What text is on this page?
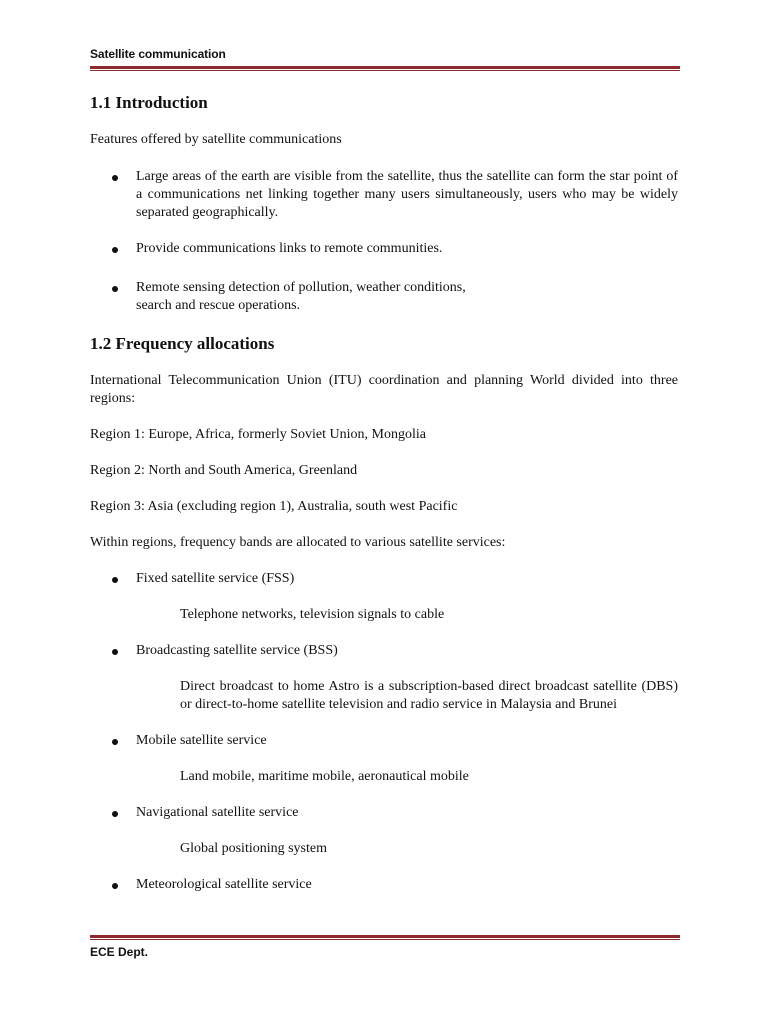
Satellite communication
1.1 Introduction

Features offered by satellite communications

Large areas of the earth are visible from the satellite, thus the satellite can form the star point of a communications net linking together many users simultaneously, users who may be widely separated geographically.
Provide communications links to remote communities.
Remote sensing detection of pollution, weather conditions,
search and rescue operations.
1.2 Frequency allocations

International Telecommunication Union (ITU) coordination and planning World divided into three regions:

Region 1: Europe, Africa, formerly Soviet Union, Mongolia

Region 2: North and South America, Greenland

Region 3: Asia (excluding region 1), Australia, south west Pacific

Within regions, frequency bands are allocated to various satellite services:

Fixed satellite service (FSS)
Telephone networks, television signals to cable
Broadcasting satellite service (BSS)
Direct broadcast to home Astro is a subscription-based direct broadcast satellite (DBS) or direct-to-home satellite television and radio service in Malaysia and Brunei
Mobile satellite service
Land mobile, maritime mobile, aeronautical mobile
Navigational satellite service
Global positioning system
Meteorological satellite service
ECE Dept.
